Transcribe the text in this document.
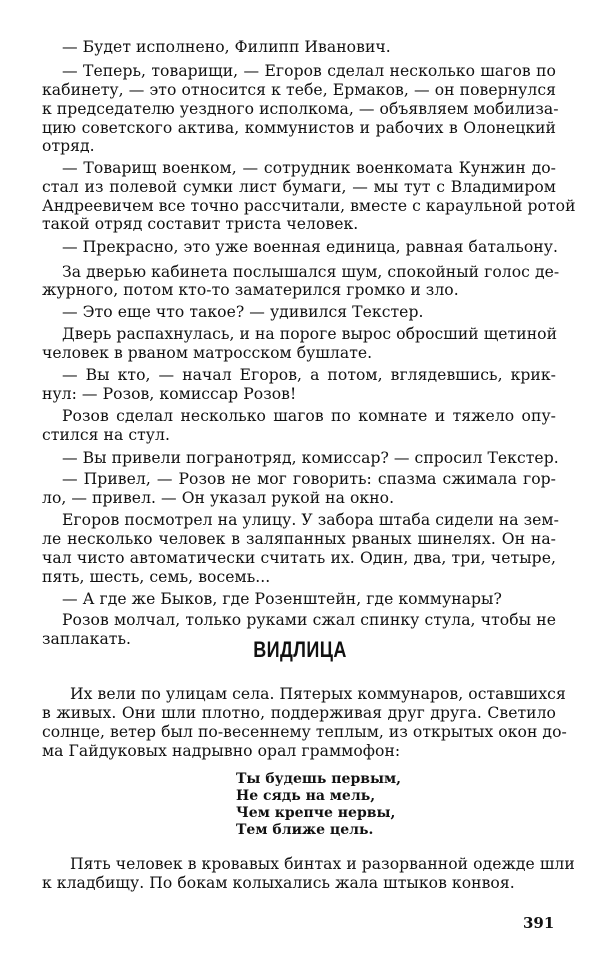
— Будет исполнено, Филипп Иванович.
— Теперь, товарищи, — Егоров сделал несколько шагов по
кабинету, — это относится к тебе, Ермаков, — он повернулся
к председателю уездного исполкома, — объявляем мобилиза-
цию советского актива, коммунистов и рабочих в Олонецкий
отряд.
— Товарищ военком, — сотрудник военкомата Кунжин до-
стал из полевой сумки лист бумаги, — мы тут с Владимиром
Андреевичем все точно рассчитали, вместе с караульной ротой
такой отряд составит триста человек.
— Прекрасно, это уже военная единица, равная батальону.
За дверью кабинета послышался шум, спокойный голос де-
журного, потом кто-то заматерился громко и зло.
— Это еще что такое? — удивился Текстер.
Дверь распахнулась, и на пороге вырос обросший щетиной
человек в рваном матросском бушлате.
— Вы кто, — начал Егоров, а потом, вглядевшись, крик-
нул: — Розов, комиссар Розов!
Розов сделал несколько шагов по комнате и тяжело опу-
стился на стул.
— Вы привели погранотряд, комиссар? — спросил Текстер.
— Привел, — Розов не мог говорить: спазма сжимала гор-
ло, — привел. — Он указал рукой на окно.
Егоров посмотрел на улицу. У забора штаба сидели на зем-
ле несколько человек в заляпанных рваных шинелях. Он на-
чал чисто автоматически считать их. Один, два, три, четыре,
пять, шесть, семь, восемь...
— А где же Быков, где Розенштейн, где коммунары?
Розов молчал, только руками сжал спинку стула, чтобы не
заплакать.	ВИДЛИЦА
Их вели по улицам села. Пятерых коммунаров, оставшихся
в живых. Они шли плотно, поддерживая друг друга. Светило
солнце, ветер был по-весеннему теплым, из открытых окон до-
ма Гайдуковых надрывно орал граммофон:
Ты будешь первым,
Не сядь на мель,
Чем крепче нервы,
Тем ближе цель.
Пять человек в кровавых бинтах и разорванной одежде шли
к кладбищу. По бокам колыхались жала штыков конвоя.
391
